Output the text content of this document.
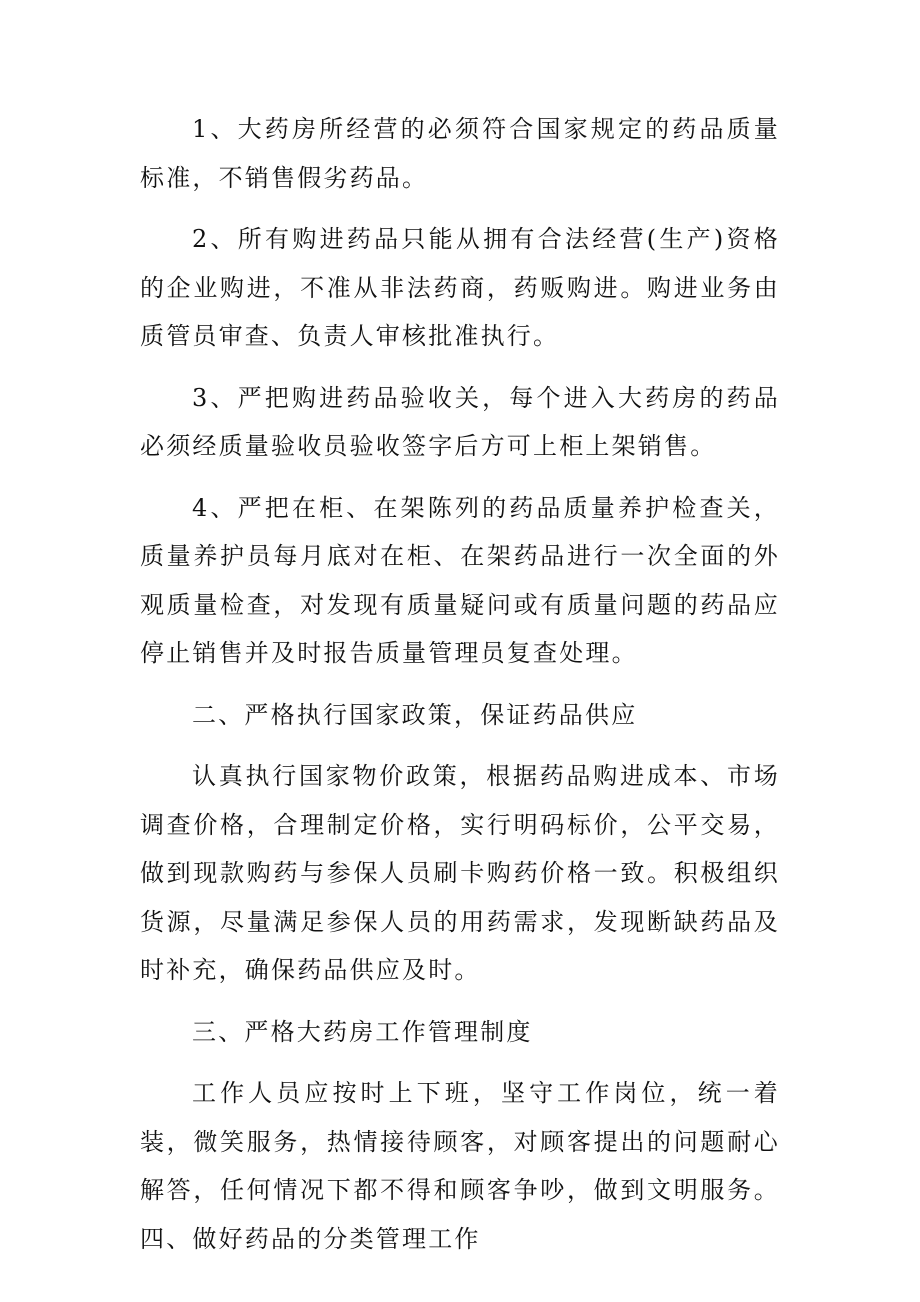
1、大药房所经营的必须符合国家规定的药品质量标准，不销售假劣药品。

2、所有购进药品只能从拥有合法经营(生产)资格的企业购进，不准从非法药商，药贩购进。购进业务由质管员审查、负责人审核批准执行。

3、严把购进药品验收关，每个进入大药房的药品必须经质量验收员验收签字后方可上柜上架销售。

4、严把在柜、在架陈列的药品质量养护检查关，质量养护员每月底对在柜、在架药品进行一次全面的外观质量检查，对发现有质量疑问或有质量问题的药品应停止销售并及时报告质量管理员复查处理。

二、严格执行国家政策，保证药品供应

认真执行国家物价政策，根据药品购进成本、市场调查价格，合理制定价格，实行明码标价，公平交易，做到现款购药与参保人员刷卡购药价格一致。积极组织货源，尽量满足参保人员的用药需求，发现断缺药品及时补充，确保药品供应及时。

三、严格大药房工作管理制度

工作人员应按时上下班，坚守工作岗位，统一着装，微笑服务，热情接待顾客，对顾客提出的问题耐心解答，任何情况下都不得和顾客争吵，做到文明服务。四、做好药品的分类管理工作
